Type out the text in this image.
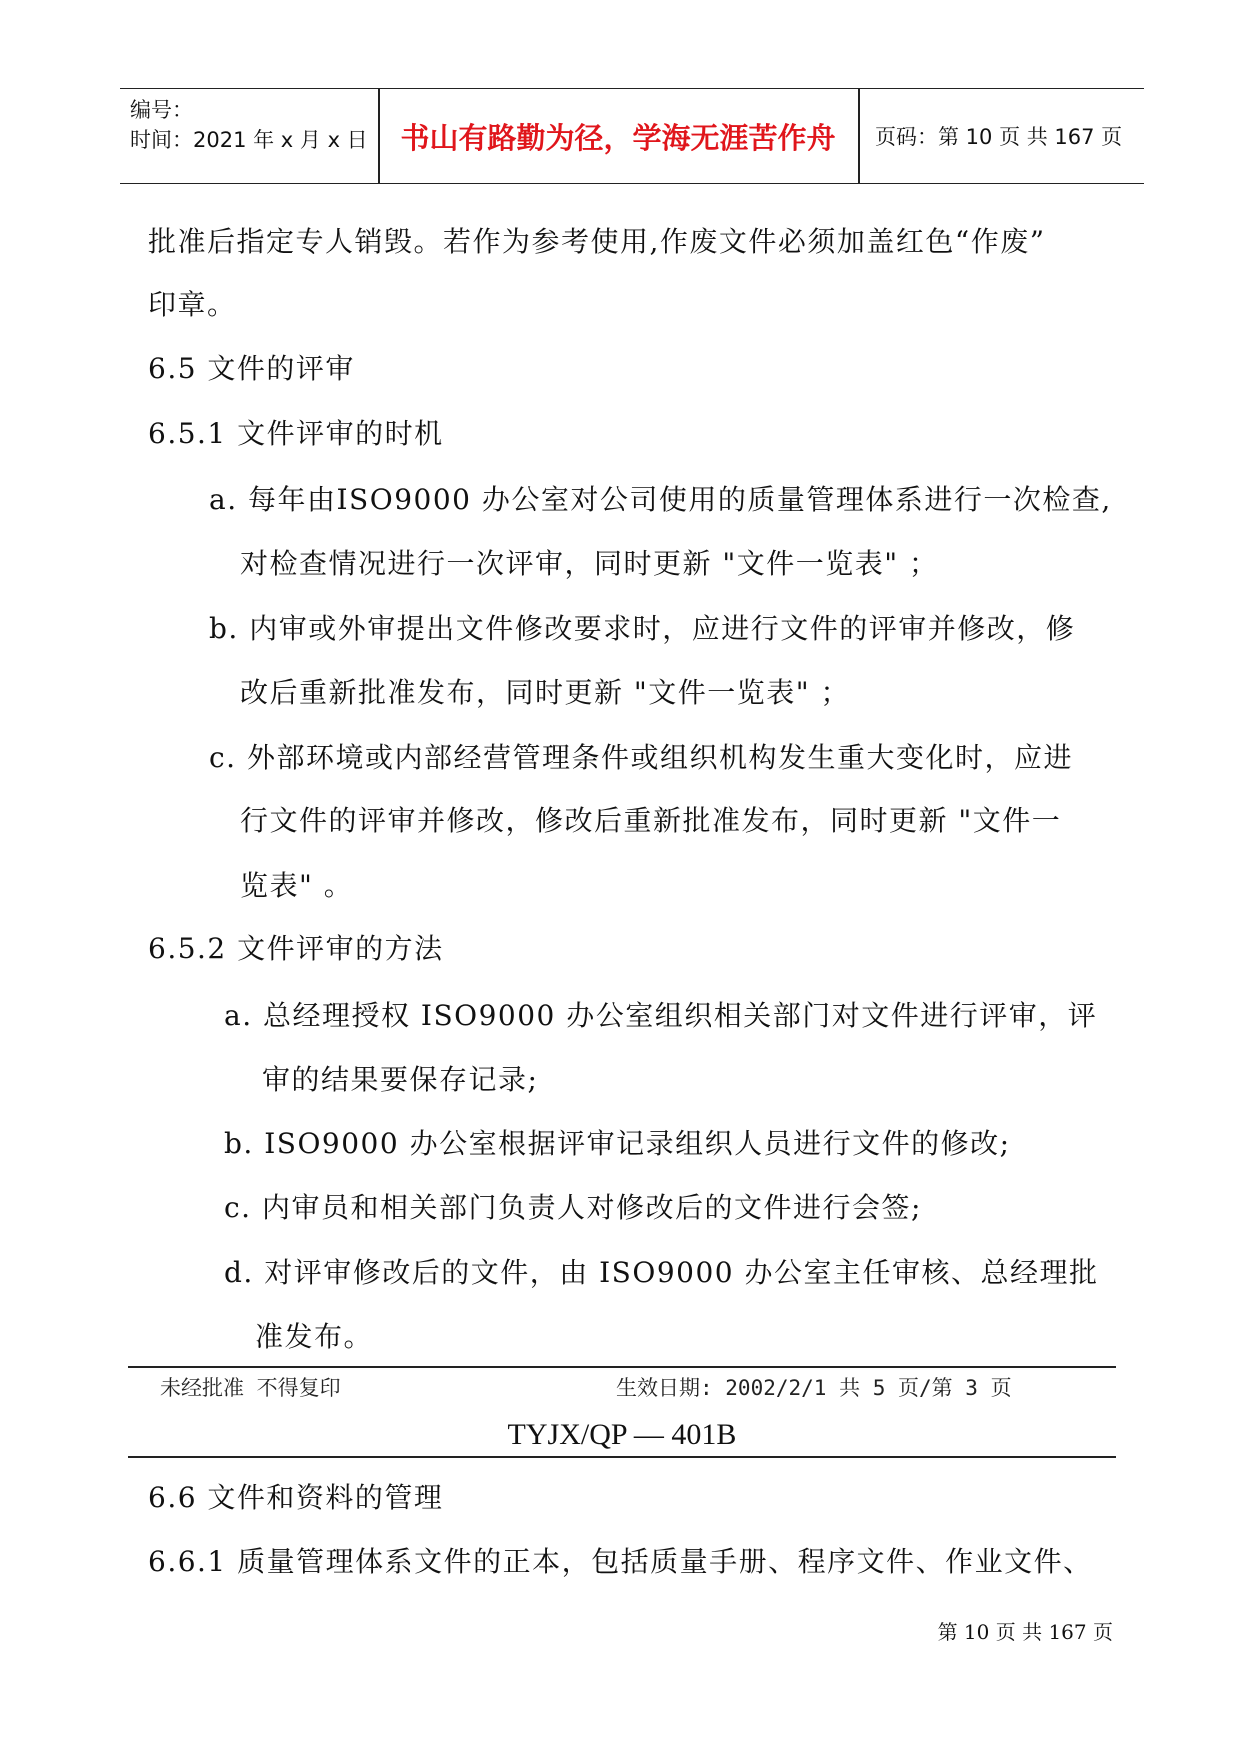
编号：
时间：2021 年 x 月 x 日	书山有路勤为径，学海无涯苦作舟	页码：第 10 页 共 167 页
批准后指定专人销毁。若作为参考使用,作废文件必须加盖红色“作废”
印章。
6.5 文件的评审
6.5.1 文件评审的时机
a. 每年由ISO9000 办公室对公司使用的质量管理体系进行一次检查,
对检查情况进行一次评审，同时更新 "文件一览表" ；
b. 内审或外审提出文件修改要求时，应进行文件的评审并修改，修
改后重新批准发布，同时更新 "文件一览表" ；
c. 外部环境或内部经营管理条件或组织机构发生重大变化时，应进
行文件的评审并修改，修改后重新批准发布，同时更新 "文件一
览表" 。
6.5.2 文件评审的方法
a. 总经理授权 ISO9000 办公室组织相关部门对文件进行评审，评
审的结果要保存记录;
b. ISO9000 办公室根据评审记录组织人员进行文件的修改;
c. 内审员和相关部门负责人对修改后的文件进行会签;
d. 对评审修改后的文件，由 ISO9000 办公室主任审核、总经理批
准发布。
未经批准 不得复印	生效日期: 2002/2/1 共 5 页/第 3 页
TYJX/QP — 401B
6.6 文件和资料的管理
6.6.1 质量管理体系文件的正本，包括质量手册、程序文件、作业文件、
第 10 页 共 167 页
